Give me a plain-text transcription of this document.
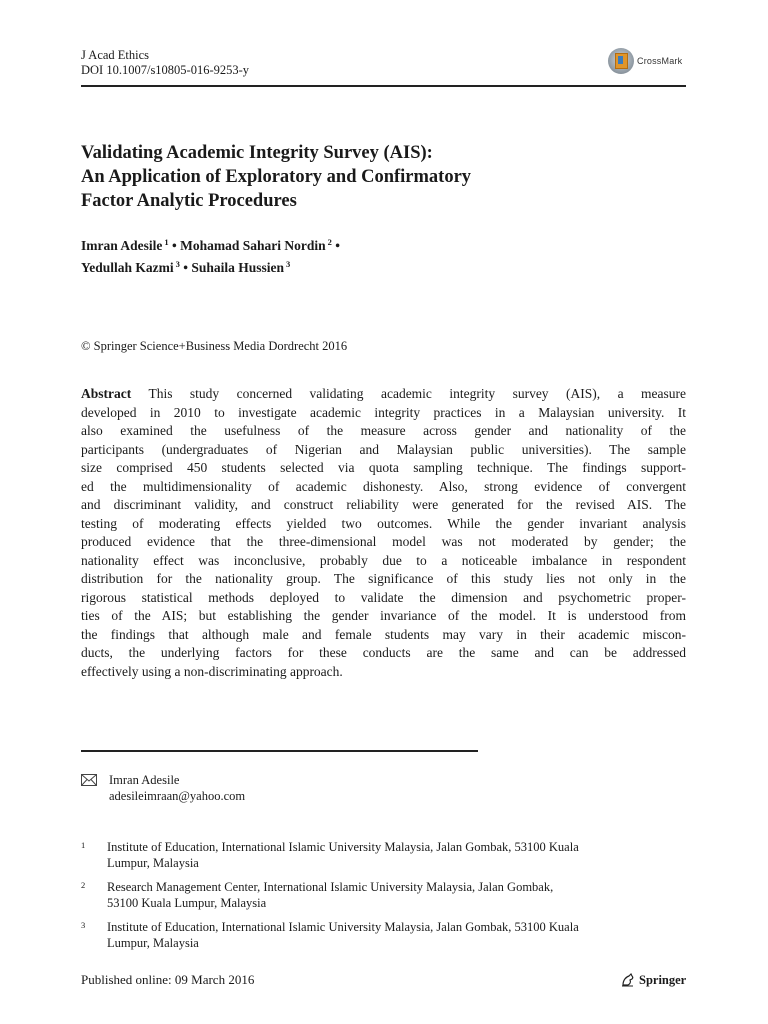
J Acad Ethics
DOI 10.1007/s10805-016-9253-y
CrossMark
Validating Academic Integrity Survey (AIS):
An Application of Exploratory and Confirmatory
Factor Analytic Procedures
Imran Adesile $^1$ • Mohamad Sahari Nordin $^2$ •
Yedullah Kazmi $^3$ • Suhaila Hussien $^3$
© Springer Science+Business Media Dordrecht 2016
Abstract This study concerned validating academic integrity survey (AIS), a measure
developed in 2010 to investigate academic integrity practices in a Malaysian university. It
also examined the usefulness of the measure across gender and nationality of the
participants (undergraduates of Nigerian and Malaysian public universities). The sample
size comprised 450 students selected via quota sampling technique. The findings support-
ed the multidimensionality of academic dishonesty. Also, strong evidence of convergent
and discriminant validity, and construct reliability were generated for the revised AIS. The
testing of moderating effects yielded two outcomes. While the gender invariant analysis
produced evidence that the three-dimensional model was not moderated by gender; the
nationality effect was inconclusive, probably due to a noticeable imbalance in respondent
distribution for the nationality group. The significance of this study lies not only in the
rigorous statistical methods deployed to validate the dimension and psychometric proper-
ties of the AIS; but establishing the gender invariance of the model. It is understood from
the findings that although male and female students may vary in their academic miscon-
ducts, the underlying factors for these conducts are the same and can be addressed
effectively using a non-discriminating approach.
Imran Adesile
adesileimraan@yahoo.com
1	Institute of Education, International Islamic University Malaysia, Jalan Gombak, 53100 Kuala
Lumpur, Malaysia
2	Research Management Center, International Islamic University Malaysia, Jalan Gombak,
53100 Kuala Lumpur, Malaysia
3	Institute of Education, International Islamic University Malaysia, Jalan Gombak, 53100 Kuala
Lumpur, Malaysia
Published online: 09 March 2016	Springer
